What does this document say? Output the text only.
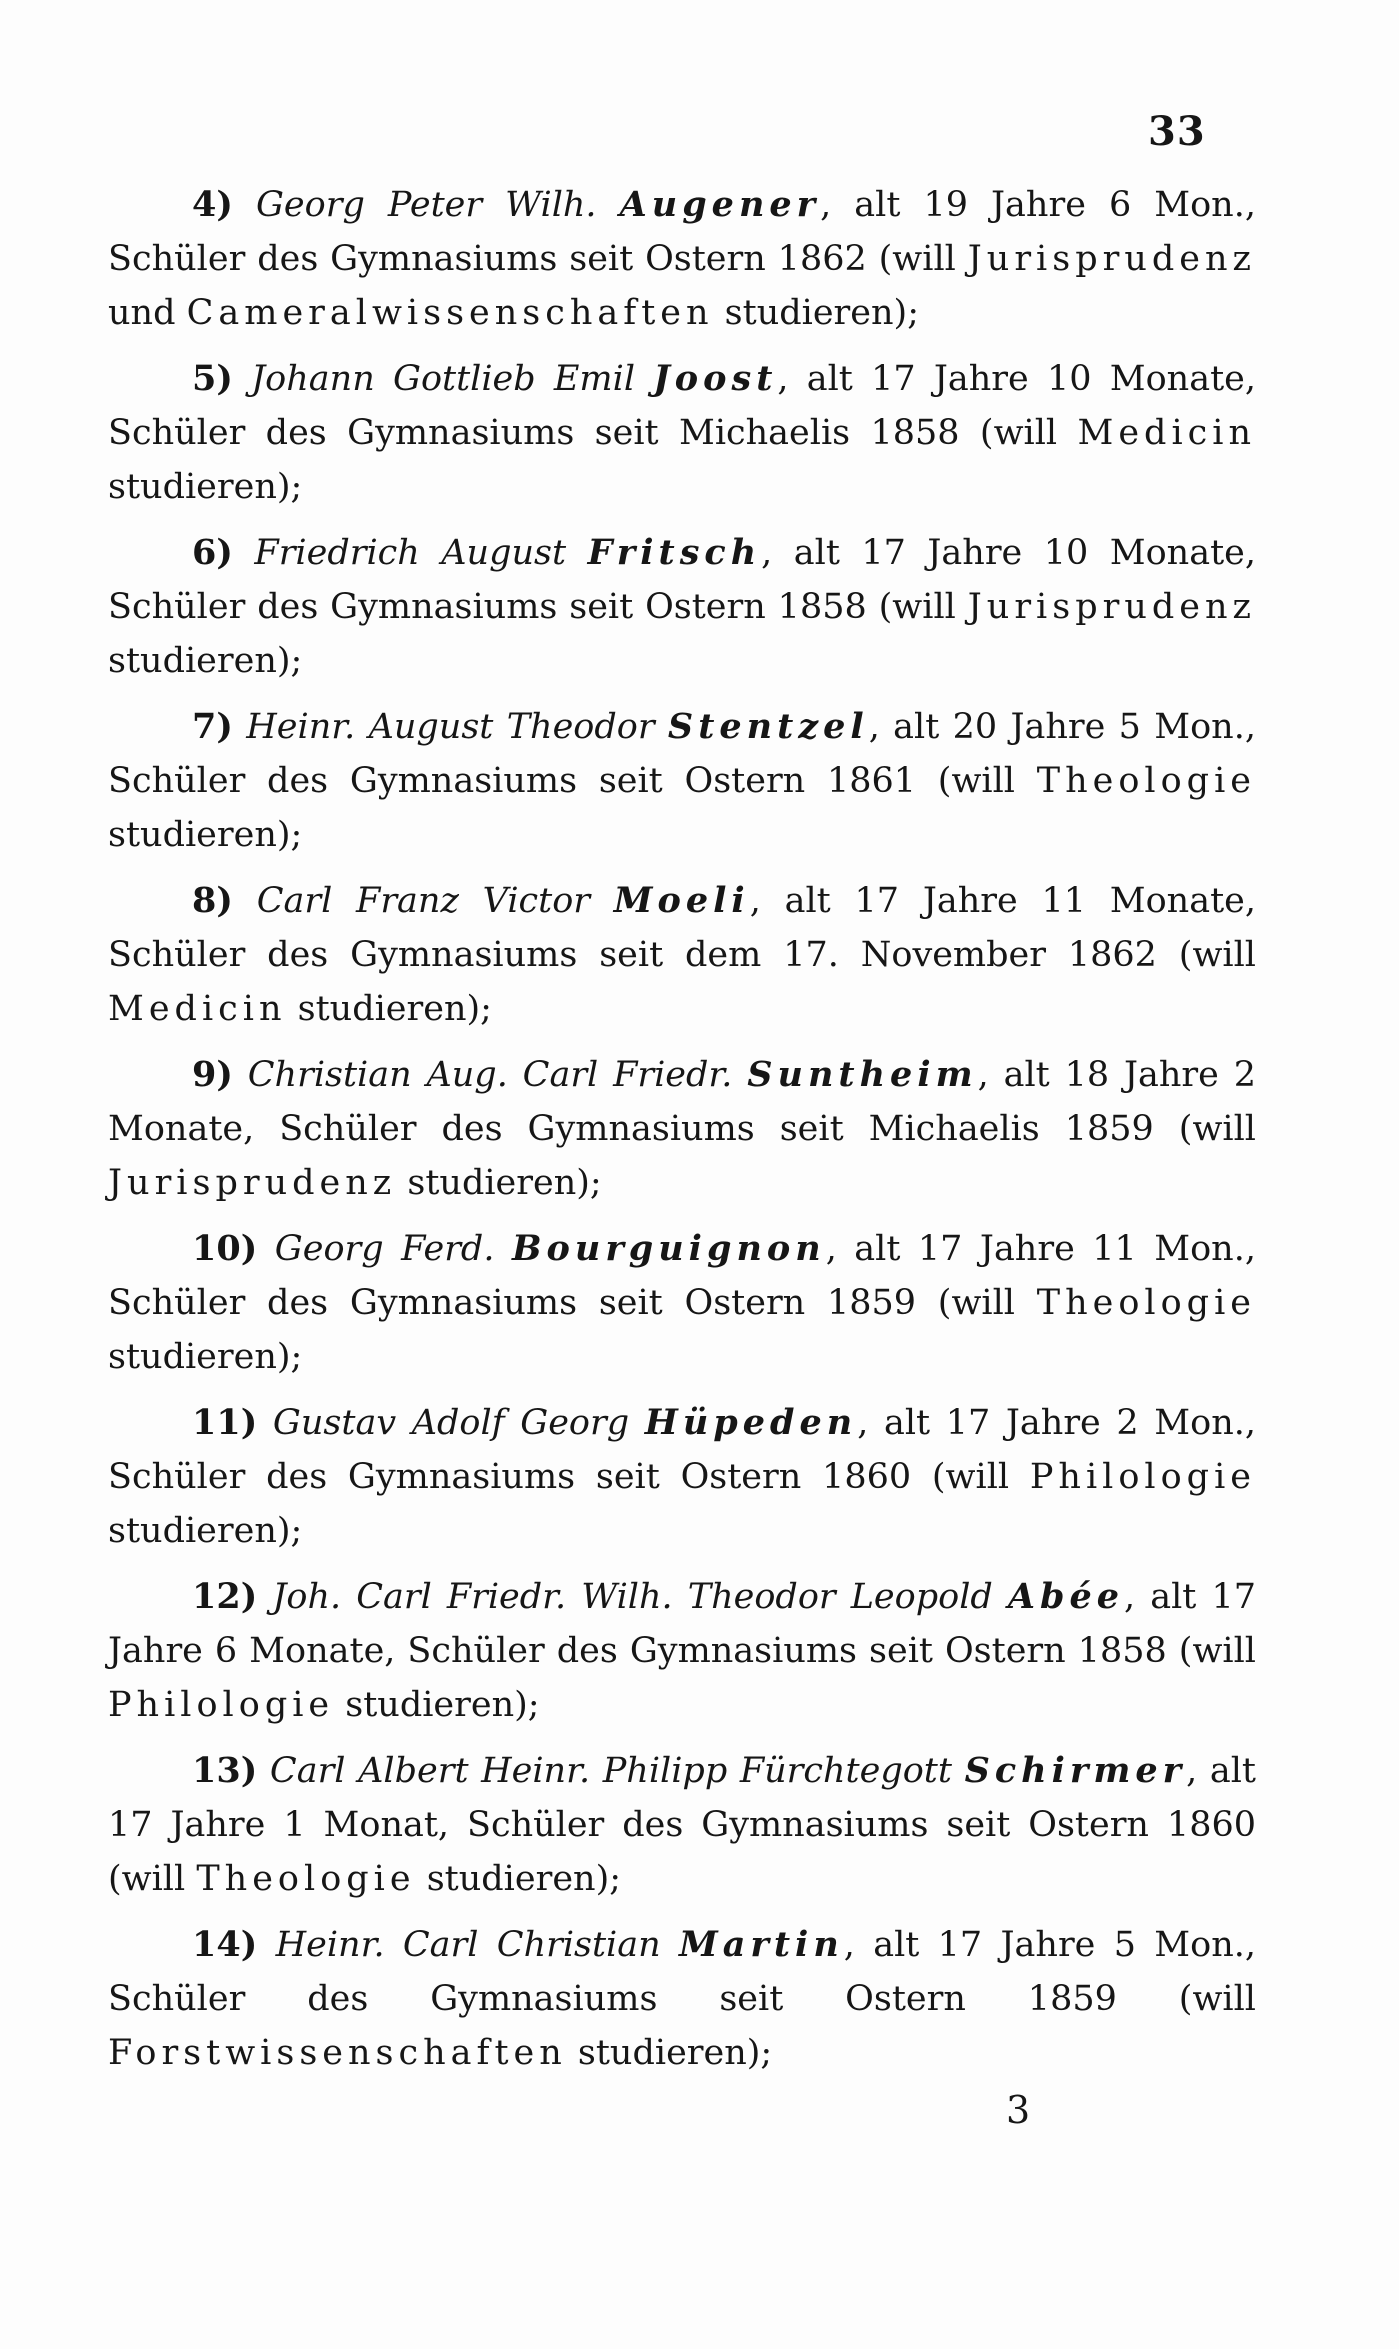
33

4) Georg Peter Wilh. Augener, alt 19 Jahre 6 Mon., Schüler des Gymnasiums seit Ostern 1862 (will Jurisprudenz und Cameralwissenschaften studieren);

5) Johann Gottlieb Emil Joost, alt 17 Jahre 10 Monate, Schüler des Gymnasiums seit Michaelis 1858 (will Medicin studieren);

6) Friedrich August Fritsch, alt 17 Jahre 10 Monate, Schüler des Gymnasiums seit Ostern 1858 (will Jurisprudenz studieren);

7) Heinr. August Theodor Stentzel, alt 20 Jahre 5 Mon., Schüler des Gymnasiums seit Ostern 1861 (will Theologie studieren);

8) Carl Franz Victor Moeli, alt 17 Jahre 11 Monate, Schüler des Gymnasiums seit dem 17. November 1862 (will Medicin studieren);

9) Christian Aug. Carl Friedr. Suntheim, alt 18 Jahre 2 Monate, Schüler des Gymnasiums seit Michaelis 1859 (will Jurisprudenz studieren);

10) Georg Ferd. Bourguignon, alt 17 Jahre 11 Mon., Schüler des Gymnasiums seit Ostern 1859 (will Theologie studieren);

11) Gustav Adolf Georg Hüpeden, alt 17 Jahre 2 Mon., Schüler des Gymnasiums seit Ostern 1860 (will Philologie studieren);

12) Joh. Carl Friedr. Wilh. Theodor Leopold Abée, alt 17 Jahre 6 Monate, Schüler des Gymnasiums seit Ostern 1858 (will Philologie studieren);

13) Carl Albert Heinr. Philipp Fürchtegott Schirmer, alt 17 Jahre 1 Monat, Schüler des Gymnasiums seit Ostern 1860 (will Theologie studieren);

14) Heinr. Carl Christian Martin, alt 17 Jahre 5 Mon., Schüler des Gymnasiums seit Ostern 1859 (will Forstwissenschaften studieren);

3
